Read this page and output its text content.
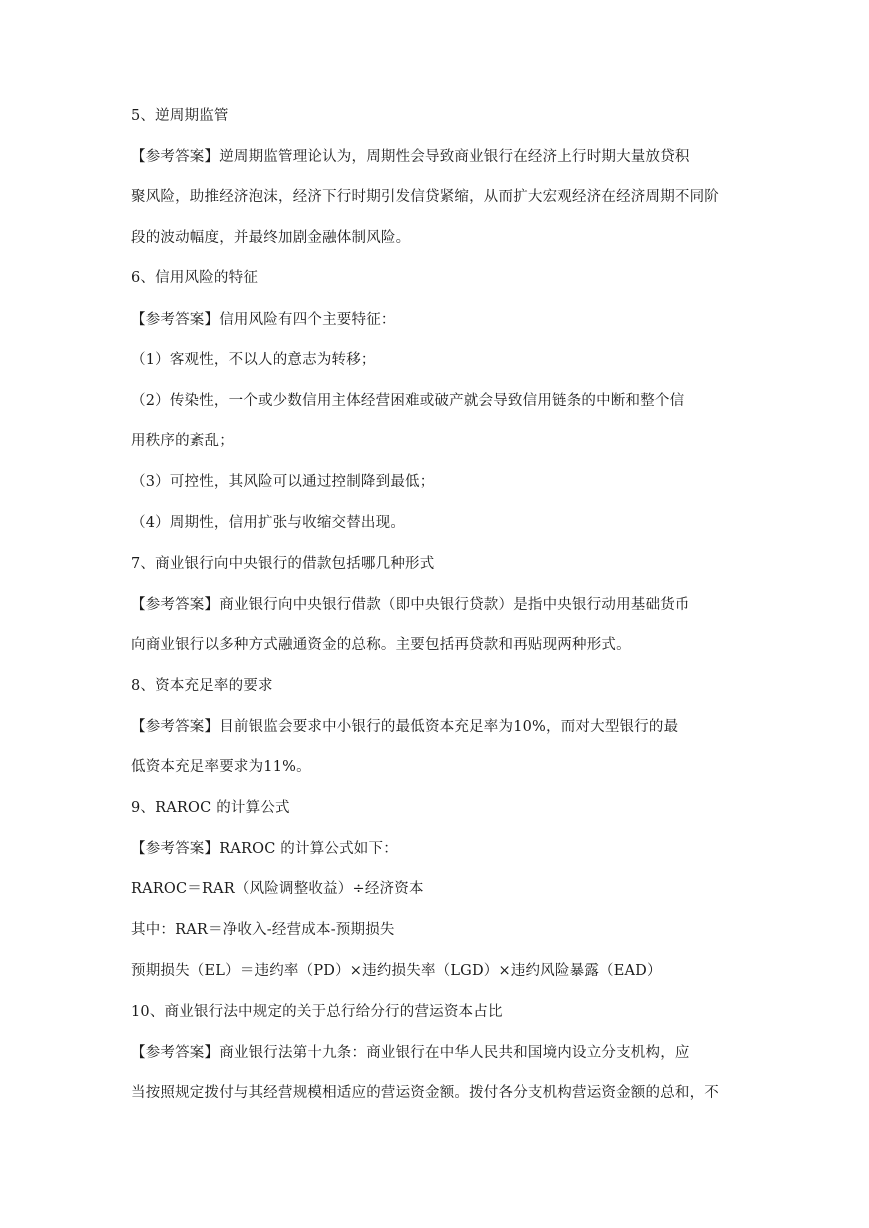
5、逆周期监管
【参考答案】逆周期监管理论认为，周期性会导致商业银行在经济上行时期大量放贷积
聚风险，助推经济泡沫，经济下行时期引发信贷紧缩，从而扩大宏观经济在经济周期不同阶
段的波动幅度，并最终加剧金融体制风险。
6、信用风险的特征
【参考答案】信用风险有四个主要特征：
（1）客观性，不以人的意志为转移；
（2）传染性，一个或少数信用主体经营困难或破产就会导致信用链条的中断和整个信
用秩序的紊乱；
（3）可控性，其风险可以通过控制降到最低；
（4）周期性，信用扩张与收缩交替出现。
7、商业银行向中央银行的借款包括哪几种形式
【参考答案】商业银行向中央银行借款（即中央银行贷款）是指中央银行动用基础货币
向商业银行以多种方式融通资金的总称。主要包括再贷款和再贴现两种形式。
8、资本充足率的要求
【参考答案】目前银监会要求中小银行的最低资本充足率为10%，而对大型银行的最
低资本充足率要求为11%。
9、RAROC 的计算公式
【参考答案】RAROC 的计算公式如下：
RAROC＝RAR（风险调整收益）÷经济资本
其中：RAR＝净收入-经营成本-预期损失
预期损失（EL）＝违约率（PD）×违约损失率（LGD）×违约风险暴露（EAD）
10、商业银行法中规定的关于总行给分行的营运资本占比
【参考答案】商业银行法第十九条：商业银行在中华人民共和国境内设立分支机构，应
当按照规定拨付与其经营规模相适应的营运资金额。拨付各分支机构营运资金额的总和，不
